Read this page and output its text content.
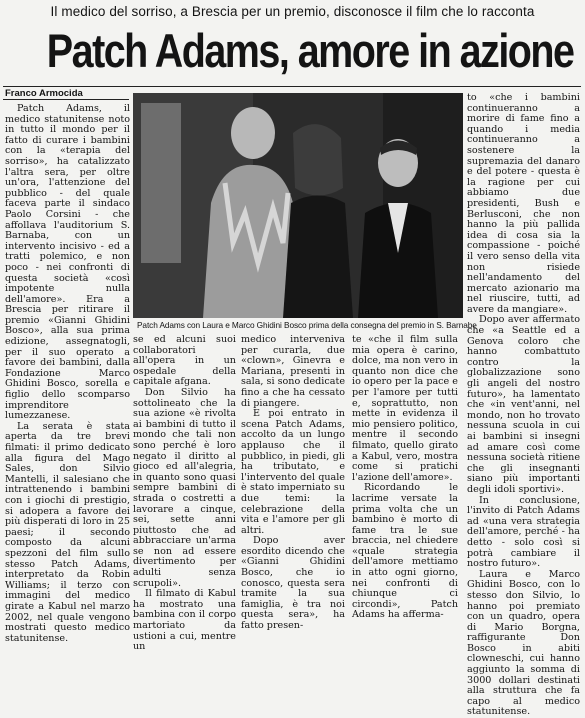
Il medico del sorriso, a Brescia per un premio, disconosce il film che lo racconta
Patch Adams, amore in azione
Franco Armocida

Patch Adams, il medico statunitense noto in tutto il mondo per il fatto di curare i bambini con la «terapia del sorriso», ha catalizzato l'altra sera, per oltre un'ora, l'attenzione del pubblico - del quale faceva parte il sindaco Paolo Corsini - che affollava l'auditorium S. Barnaba, con un intervento incisivo - ed a tratti polemico, e non poco - nei confronti di questa società «così impotente nulla dell'amore». Era a Brescia per ritirare il premio «Gianni Ghidini Bosco», alla sua prima edizione, assegnatogli, per il suo operato a favore dei bambini, dalla Fondazione Marco Ghidini Bosco, sorella e figlio dello scomparso imprenditore lumezzanese.

La serata è stata aperta da tre brevi filmati: il primo dedicato alla figura del Mago Sales, don Silvio Mantelli, il salesiano che intrattenendo i bambini con i giochi di prestigio, si adopera a favore dei più disperati di loro in 25 paesi; il secondo composto da alcuni spezzoni del film sullo stesso Patch Adams, interpretato da Robin Williams; il terzo con immagini del medico girate a Kabul nel marzo 2002, nel quale vengono mostrati questo medico statunitense.

Patch Adams con Laura e Marco Ghidini Bosco prima della consegna del premio in S. Barnabe

se ed alcuni suoi collaboratori all'opera in un ospedale della capitale afgana.

Don Silvio ha sottolineato che la sua azione «è rivolta ai bambini di tutto il mondo che tali non sono perché è loro negato il diritto al gioco ed all'alegria, in quanto sono quasi sempre bambini di strada o costretti a lavorare a cinque, sei, sette anni piuttosto che ad abbracciare un'arma se non ad essere divertimento per adulti senza scrupoli».

Il filmato di Kabul ha mostrato una bambina con il corpo martoriato da ustioni a cui, mentre un

medico interveniva per curarla, due «clown», Ginevra e Mariana, presenti in sala, si sono dedicate fino a che ha cessato di piangere.

E poi entrato in scena Patch Adams, accolto da un lungo applauso che il pubblico, in piedi, gli ha tributato, e l'intervento del quale è stato imperniato su due temi: la celebrazione della vita e l'amore per gli altri.

Dopo aver esordito dicendo che «Gianni Ghidini Bosco, che io conosco, questa sera tramite la sua famiglia, è tra noi questa sera», ha fatto presen-

te «che il film sulla mia opera è carino, dolce, ma non vero in quanto non dice che io opero per la pace e per l'amore per tutti e, soprattutto, non mette in evidenza il mio pensiero politico, mentre il secondo filmato, quello girato a Kabul, vero, mostra come si pratichi l'azione dell'amore».

Ricordando le lacrime versate la prima volta che un bambino è morto di fame tra le sue braccia, nel chiedere «quale strategia dell'amore mettiamo in atto ogni giorno, nei confronti di chiunque ci circondi», Patch Adams ha afferma-

to «che i bambini continueranno a morire di fame fino a quando i media continueranno a sostenere la supremazia del danaro e del potere - questa è la ragione per cui abbiamo due presidenti, Bush e Berlusconi, che non hanno la più pallida idea di cosa sia la compassione - poiché il vero senso della vita non risiede nell'andamento del mercato azionario ma nel riuscire, tutti, ad avere da mangiare».

Dopo aver affermato che «a Seattle ed a Genova coloro che hanno combattuto contro la globalizzazione sono gli angeli del nostro futuro», ha lamentato che «in vent'anni, nel mondo, non ho trovato nessuna scuola in cui ai bambini si insegni ad amare così come nessuna società ritiene che gli insegnanti siano più importanti degli idoli sportivi».

In conclusione, l'invito di Patch Adams ad «una vera strategia dell'amore, perché - ha detto - solo così si potrà cambiare il nostro futuro».

Laura e Marco Ghidini Bosco, con lo stesso don Silvio, lo hanno poi premiato con un quadro, opera di Mario Borgna, raffigurante Don Bosco in abiti clowneschi, cui hanno aggiunto la somma di 3000 dollari destinati alla struttura che fa capo al medico statunitense.
